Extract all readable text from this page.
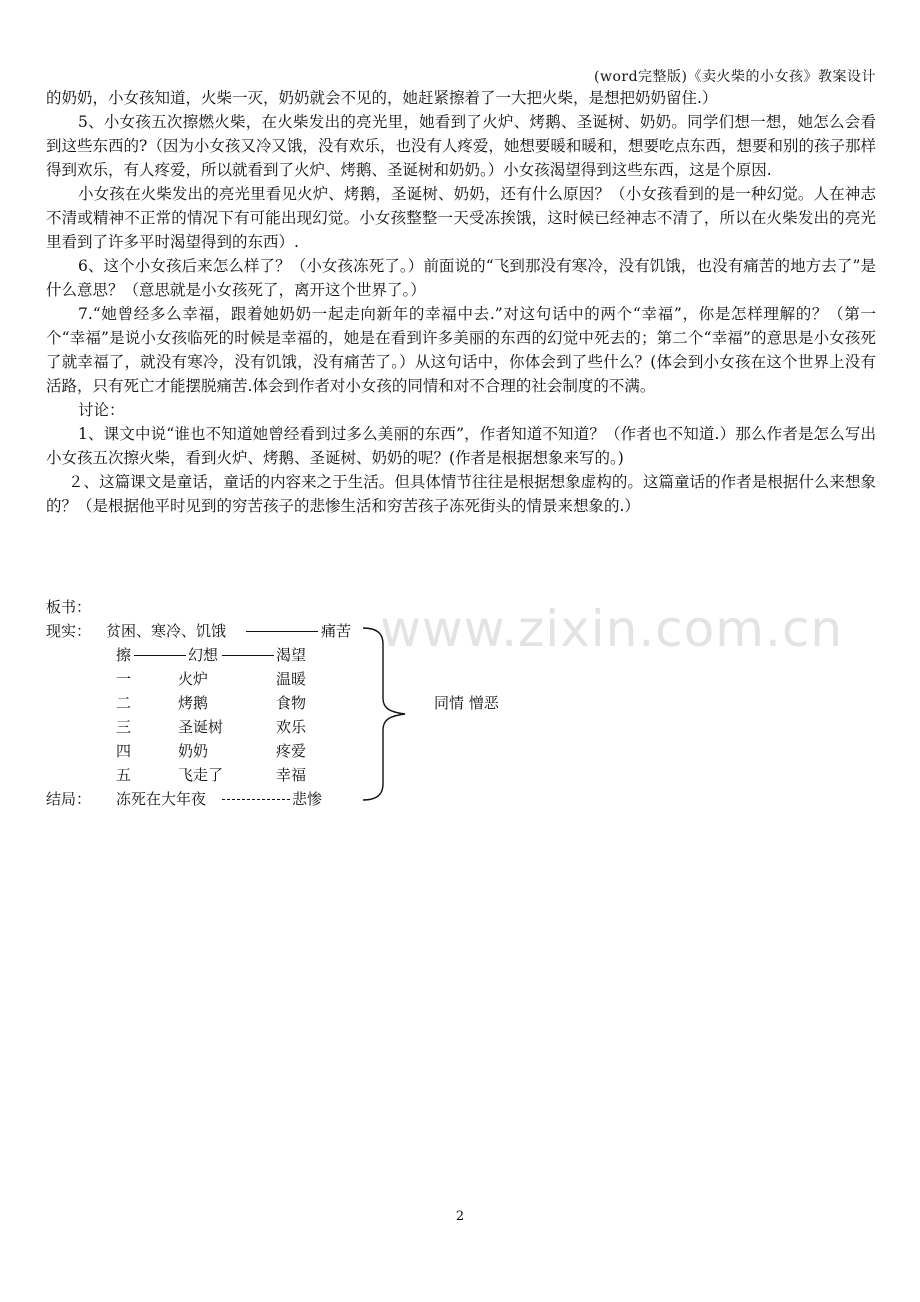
(word完整版)《卖火柴的小女孩》教案设计

的奶奶，小女孩知道，火柴一灭，奶奶就会不见的，她赶紧擦着了一大把火柴，是想把奶奶留住.）

5、小女孩五次擦燃火柴，在火柴发出的亮光里，她看到了火炉、烤鹅、圣诞树、奶奶。同学们想一想，她怎么会看到这些东西的?（因为小女孩又冷又饿，没有欢乐，也没有人疼爱，她想要暖和暖和，想要吃点东西，想要和别的孩子那样得到欢乐，有人疼爱，所以就看到了火炉、烤鹅、圣诞树和奶奶。）小女孩渴望得到这些东西，这是个原因.

小女孩在火柴发出的亮光里看见火炉、烤鹅，圣诞树、奶奶，还有什么原因？（小女孩看到的是一种幻觉。人在神志不清或精神不正常的情况下有可能出现幻觉。小女孩整整一天受冻挨饿，这时候已经神志不清了，所以在火柴发出的亮光里看到了许多平时渴望得到的东西）.

6、这个小女孩后来怎么样了？（小女孩冻死了。）前面说的“飞到那没有寒冷，没有饥饿，也没有痛苦的地方去了”是什么意思？（意思就是小女孩死了，离开这个世界了。）

7.“她曾经多么幸福，跟着她奶奶一起走向新年的幸福中去.”对这句话中的两个“幸福”，你是怎样理解的？（第一个“幸福”是说小女孩临死的时候是幸福的，她是在看到许多美丽的东西的幻觉中死去的；第二个“幸福”的意思是小女孩死了就幸福了，就没有寒冷，没有饥饿，没有痛苦了。）从这句话中，你体会到了些什么？(体会到小女孩在这个世界上没有活路，只有死亡才能摆脱痛苦.体会到作者对小女孩的同情和对不合理的社会制度的不满。

讨论：

1、课文中说“谁也不知道她曾经看到过多么美丽的东西”，作者知道不知道？（作者也不知道.）那么作者是怎么写出小女孩五次擦火柴，看到火炉、烤鹅、圣诞树、奶奶的呢？(作者是根据想象来写的。)

２、这篇课文是童话，童话的内容来之于生活。但具体情节往往是根据想象虚构的。这篇童话的作者是根据什么来想象的？（是根据他平时见到的穷苦孩子的悲惨生活和穷苦孩子冻死街头的情景来想象的.）

www.zixin.com.cn
板书：
现实： 贫困、寒冷、饥饿	痛苦
擦	幻想	渴望
一	火炉	温暖
二	烤鹅	食物
三	圣诞树	欢乐
四	奶奶	疼爱
五	飞走了	幸福
结局： 冻死在大年夜	悲惨
同情 憎恶
2
